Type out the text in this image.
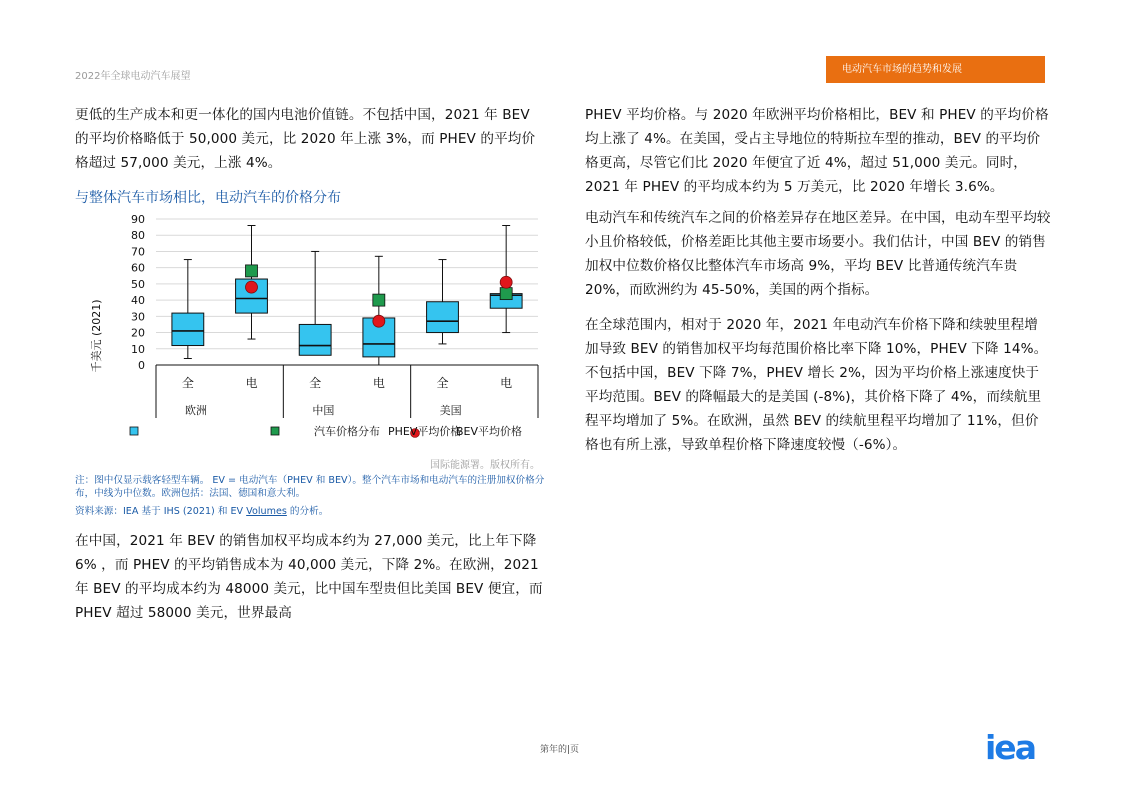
2022年全球电动汽车展望
电动汽车市场的趋势和发展

更低的生产成本和更一体化的国内电池价值链。不包括中国，2021 年 BEV 的平均价格略低于 50,000 美元，比 2020 年上涨 3%，而 PHEV 的平均价格超过 57,000 美元，上涨 4%。

与整体汽车市场相比，电动汽车的价格分布
0
10
20
30
40
50
60
70
80
90
千美元 (2021)
全	电	全	电	全	电
欧洲	中国	美国
汽车价格分布 PHEV平均价格
BEV平均价格
国际能源署。版权所有。
注：图中仅显示载客轻型车辆。 EV = 电动汽车（PHEV 和 BEV）。整个汽车市场和电动汽车的注册加权价格分布，中线为中位数。欧洲包括：法国、德国和意大利。
资料来源：IEA 基于 IHS (2021) 和 EV Volumes 的分析。

在中国，2021 年 BEV 的销售加权平均成本约为 27,000 美元，比上年下降 6% ，而 PHEV 的平均销售成本为 40,000 美元，下降 2%。在欧洲，2021 年 BEV 的平均成本约为 48000 美元，比中国车型贵但比美国 BEV 便宜，而 PHEV 超过 58000 美元，世界最高

PHEV 平均价格。与 2020 年欧洲平均价格相比，BEV 和 PHEV 的平均价格均上涨了 4%。在美国，受占主导地位的特斯拉车型的推动，BEV 的平均价格更高，尽管它们比 2020 年便宜了近 4%，超过 51,000 美元。同时，2021 年 PHEV 的平均成本约为 5 万美元，比 2020 年增长 3.6%。

电动汽车和传统汽车之间的价格差异存在地区差异。在中国，电动车型平均较小且价格较低，价格差距比其他主要市场要小。我们估计，中国 BEV 的销售加权中位数价格仅比整体汽车市场高 9%，平均 BEV 比普通传统汽车贵 20%，而欧洲约为 45-50%，美国的两个指标。

在全球范围内，相对于 2020 年，2021 年电动汽车价格下降和续驶里程增加导致 BEV 的销售加权平均每范围价格比率下降 10%，PHEV 下降 14%。不包括中国，BEV 下降 7%，PHEV 增长 2%，因为平均价格上涨速度快于平均范围。BEV 的降幅最大的是美国 (-8%)，其价格下降了 4%，而续航里程平均增加了 5%。在欧洲，虽然 BEV 的续航里程平均增加了 11%，但价格也有所上涨，导致单程价格下降速度较慢（-6%）。

第年的|页	iea
